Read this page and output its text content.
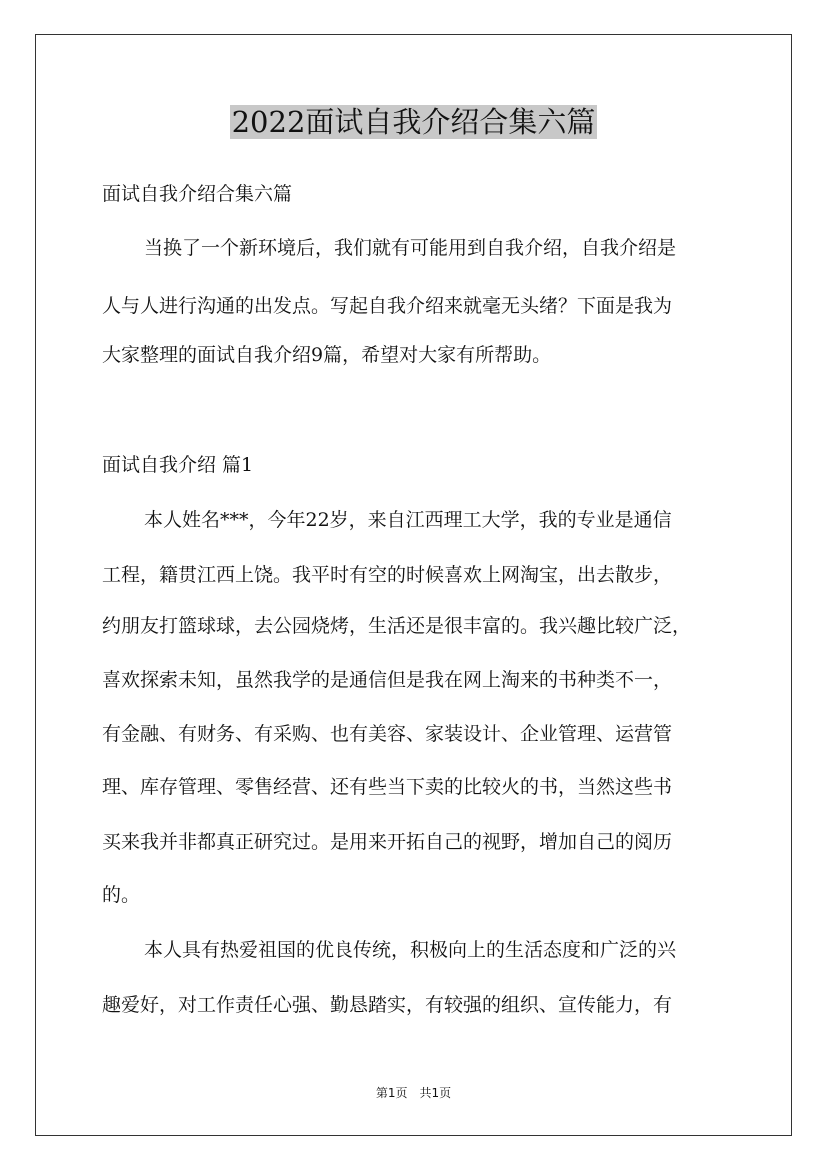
2022面试自我介绍合集六篇
面试自我介绍合集六篇
当换了一个新环境后，我们就有可能用到自我介绍，自我介绍是
人与人进行沟通的出发点。写起自我介绍来就毫无头绪？下面是我为
大家整理的面试自我介绍9篇，希望对大家有所帮助。
面试自我介绍 篇1
本人姓名***，今年22岁，来自江西理工大学，我的专业是通信
工程，籍贯江西上饶。我平时有空的时候喜欢上网淘宝，出去散步，
约朋友打篮球球，去公园烧烤，生活还是很丰富的。我兴趣比较广泛，
喜欢探索未知，虽然我学的是通信但是我在网上淘来的书种类不一，
有金融、有财务、有采购、也有美容、家装设计、企业管理、运营管
理、库存管理、零售经营、还有些当下卖的比较火的书，当然这些书
买来我并非都真正研究过。是用来开拓自己的视野，增加自己的阅历
的。
本人具有热爱祖国的优良传统，积极向上的生活态度和广泛的兴
趣爱好，对工作责任心强、勤恳踏实，有较强的组织、宣传能力，有
第1页 共1页
